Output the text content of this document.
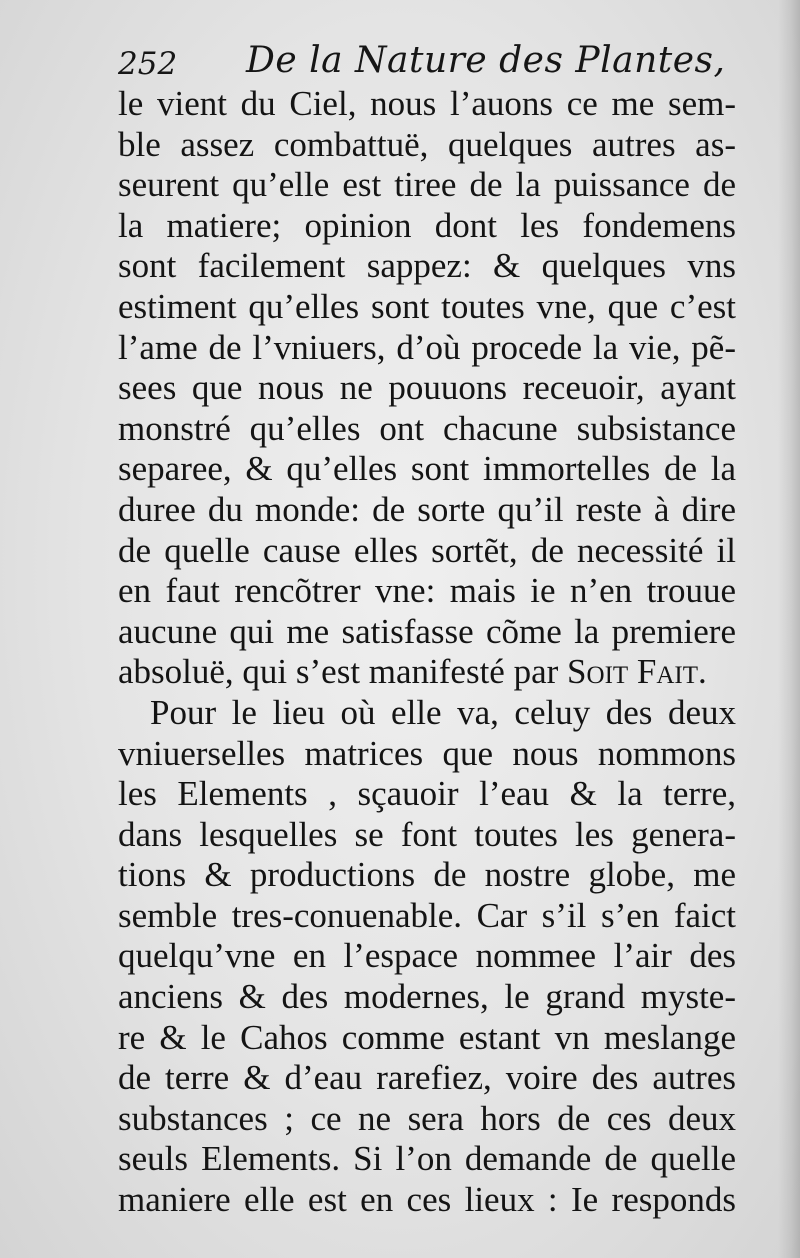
252 De la Nature des Plantes,
le vient du Ciel, nous l’auons ce me sem-
ble assez combattuë, quelques autres as-
seurent qu’elle est tiree de la puissance de
la matiere; opinion dont les fondemens
sont facilement sappez: & quelques vns
estiment qu’elles sont toutes vne, que c’est
l’ame de l’vniuers, d’où procede la vie, pẽ-
sees que nous ne pouuons receuoir, ayant
monstré qu’elles ont chacune subsistance
separee, & qu’elles sont immortelles de la
duree du monde: de sorte qu’il reste à dire
de quelle cause elles sortẽt, de necessité il
en faut rencõtrer vne: mais ie n’en trouue
aucune qui me satisfasse cõme la premiere
absoluë, qui s’est manifesté par Soit Fait.
Pour le lieu où elle va, celuy des deux
vniuerselles matrices que nous nommons
les Elements , sçauoir l’eau & la terre,
dans lesquelles se font toutes les genera-
tions & productions de nostre globe, me
semble tres-conuenable. Car s’il s’en faict
quelqu’vne en l’espace nommee l’air des
anciens & des modernes, le grand myste-
re & le Cahos comme estant vn meslange
de terre & d’eau rarefiez, voire des autres
substances ; ce ne sera hors de ces deux
seuls Elements. Si l’on demande de quelle
maniere elle est en ces lieux : Ie responds
